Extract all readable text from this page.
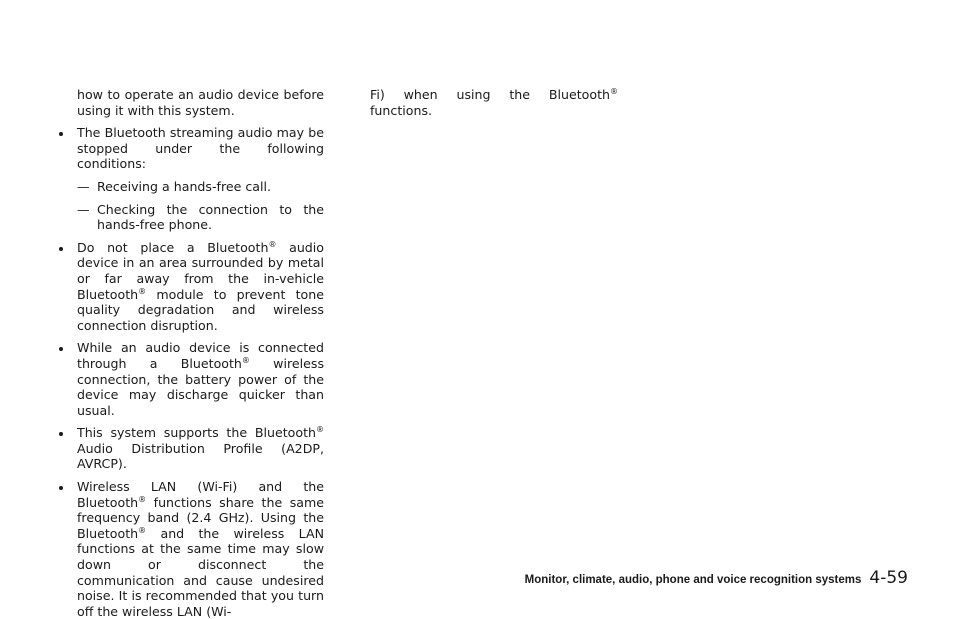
how to operate an audio device before using it with this system.

The Bluetooth streaming audio may be stopped under the following conditions:

— Receiving a hands-free call.

— Checking the connection to the hands-free phone.

Do not place a Bluetooth® audio device in an area surrounded by metal or far away from the in-vehicle Bluetooth® module to prevent tone quality degradation and wireless connection disruption.

While an audio device is connected through a Bluetooth® wireless connection, the battery power of the device may discharge quicker than usual.

This system supports the Bluetooth® Audio Distribution Profile (A2DP, AVRCP).

Wireless LAN (Wi-Fi) and the Bluetooth® functions share the same frequency band (2.4 GHz). Using the Bluetooth® and the wireless LAN functions at the same time may slow down or disconnect the communication and cause undesired noise. It is recommended that you turn off the wireless LAN (Wi-

Fi) when using the Bluetooth® functions.

Monitor, climate, audio, phone and voice recognition systems 4-59
